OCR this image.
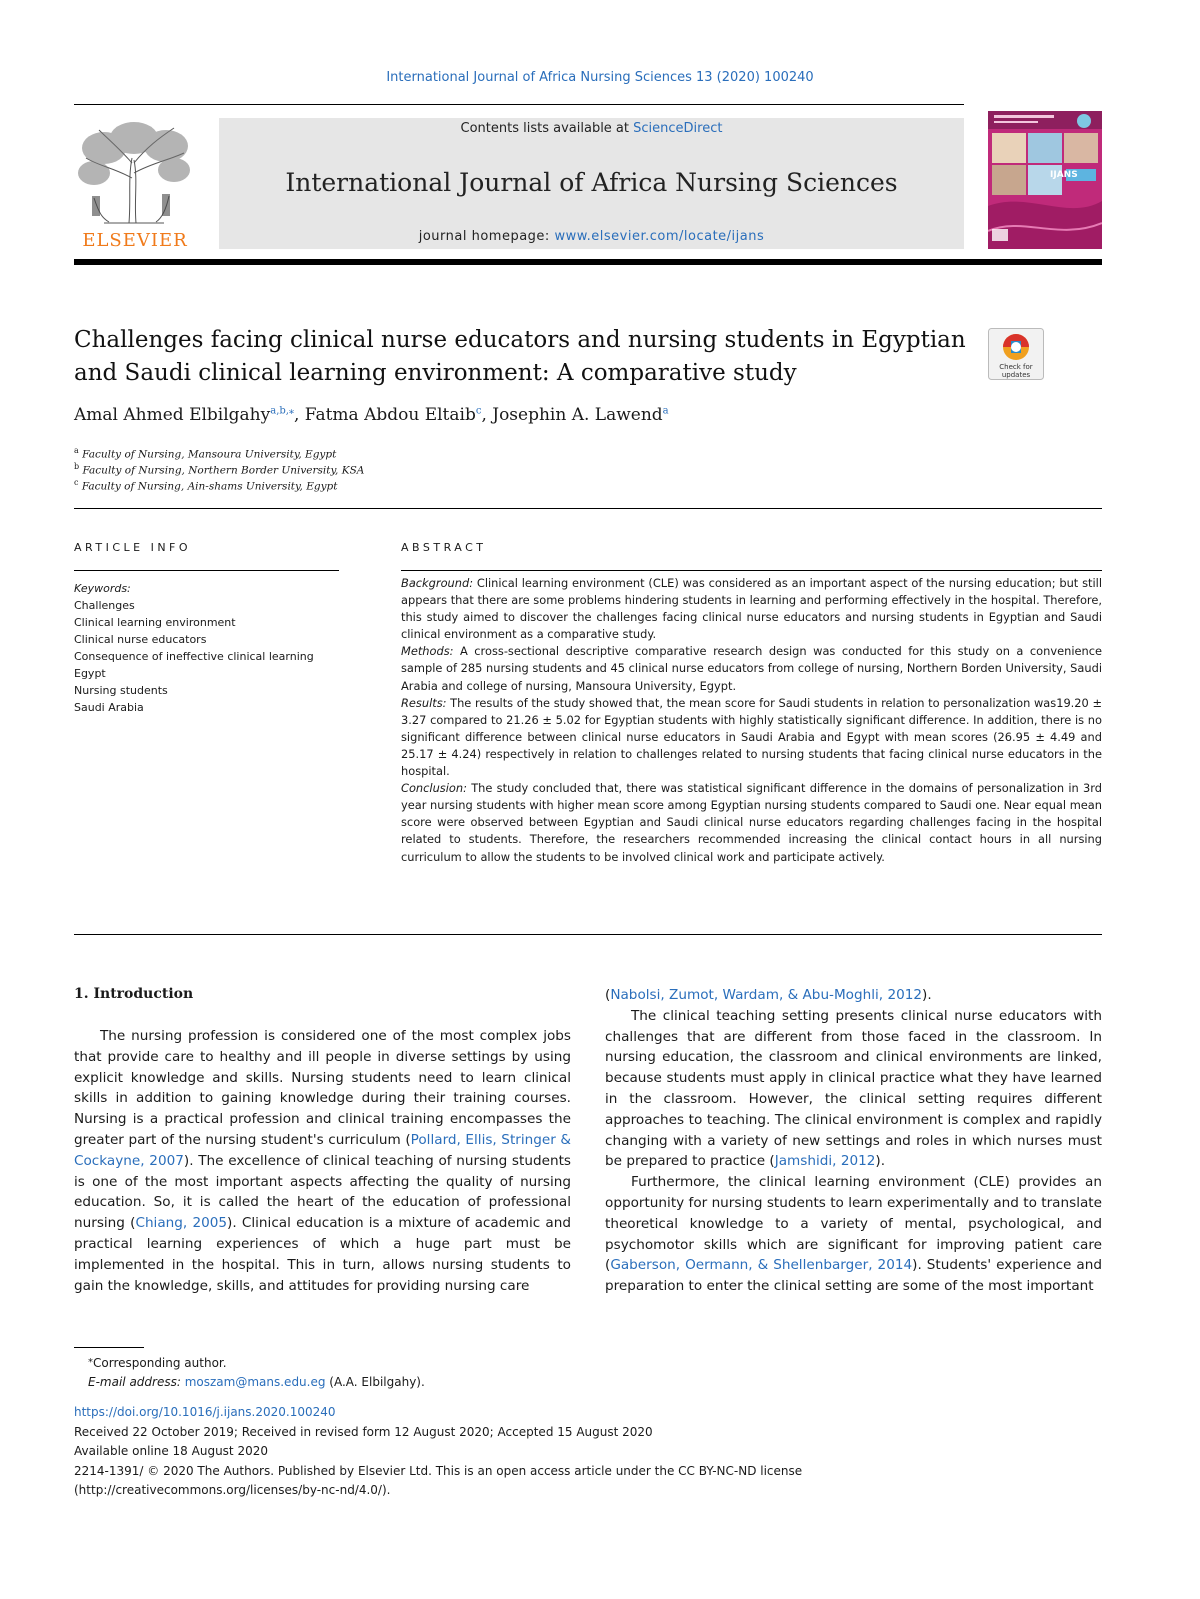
International Journal of Africa Nursing Sciences 13 (2020) 100240
ELSEVIER
Contents lists available at ScienceDirect
International Journal of Africa Nursing Sciences
journal homepage: www.elsevier.com/locate/ijans
IJANS
Challenges facing clinical nurse educators and nursing students in Egyptian and Saudi clinical learning environment: A comparative study	Check for
updates
Amal Ahmed Elbilgahy$^{a,b,⁎}$, Fatma Abdou Eltaib$^c$, Josephin A. Lawend$^a$
$^a$ Faculty of Nursing, Mansoura University, Egypt
$^b$ Faculty of Nursing, Northern Border University, KSA
$^c$ Faculty of Nursing, Ain-shams University, Egypt
ARTICLE INFO	ABSTRACT
Keywords:
Challenges
Clinical learning environment
Clinical nurse educators
Consequence of ineffective clinical learning
Egypt
Nursing students
Saudi Arabia

Background: Clinical learning environment (CLE) was considered as an important aspect of the nursing education; but still appears that there are some problems hindering students in learning and performing effectively in the hospital. Therefore, this study aimed to discover the challenges facing clinical nurse educators and nursing students in Egyptian and Saudi clinical environment as a comparative study.

Methods: A cross-sectional descriptive comparative research design was conducted for this study on a convenience sample of 285 nursing students and 45 clinical nurse educators from college of nursing, Northern Borden University, Saudi Arabia and college of nursing, Mansoura University, Egypt.

Results: The results of the study showed that, the mean score for Saudi students in relation to personalization was19.20 ± 3.27 compared to 21.26 ± 5.02 for Egyptian students with highly statistically significant difference. In addition, there is no significant difference between clinical nurse educators in Saudi Arabia and Egypt with mean scores (26.95 ± 4.49 and 25.17 ± 4.24) respectively in relation to challenges related to nursing students that facing clinical nurse educators in the hospital.

Conclusion: The study concluded that, there was statistical significant difference in the domains of personalization in 3rd year nursing students with higher mean score among Egyptian nursing students compared to Saudi one. Near equal mean score were observed between Egyptian and Saudi clinical nurse educators regarding challenges facing in the hospital related to students. Therefore, the researchers recommended increasing the clinical contact hours in all nursing curriculum to allow the students to be involved clinical work and participate actively.

1. Introduction

The nursing profession is considered one of the most complex jobs that provide care to healthy and ill people in diverse settings by using explicit knowledge and skills. Nursing students need to learn clinical skills in addition to gaining knowledge during their training courses. Nursing is a practical profession and clinical training encompasses the greater part of the nursing student's curriculum (Pollard, Ellis, Stringer & Cockayne, 2007). The excellence of clinical teaching of nursing students is one of the most important aspects affecting the quality of nursing education. So, it is called the heart of the education of professional nursing (Chiang, 2005). Clinical education is a mixture of academic and practical learning experiences of which a huge part must be implemented in the hospital. This in turn, allows nursing students to gain the knowledge, skills, and attitudes for providing nursing care

(Nabolsi, Zumot, Wardam, & Abu-Moghli, 2012).

The clinical teaching setting presents clinical nurse educators with challenges that are different from those faced in the classroom. In nursing education, the classroom and clinical environments are linked, because students must apply in clinical practice what they have learned in the classroom. However, the clinical setting requires different approaches to teaching. The clinical environment is complex and rapidly changing with a variety of new settings and roles in which nurses must be prepared to practice (Jamshidi, 2012).

Furthermore, the clinical learning environment (CLE) provides an opportunity for nursing students to learn experimentally and to translate theoretical knowledge to a variety of mental, psychological, and psychomotor skills which are significant for improving patient care (Gaberson, Oermann, & Shellenbarger, 2014). Students' experience and preparation to enter the clinical setting are some of the most important

⁎Corresponding author.
E-mail address: moszam@mans.edu.eg (A.A. Elbilgahy).
https://doi.org/10.1016/j.ijans.2020.100240
Received 22 October 2019; Received in revised form 12 August 2020; Accepted 15 August 2020
Available online 18 August 2020
2214-1391/ © 2020 The Authors. Published by Elsevier Ltd. This is an open access article under the CC BY-NC-ND license
(http://creativecommons.org/licenses/by-nc-nd/4.0/).
